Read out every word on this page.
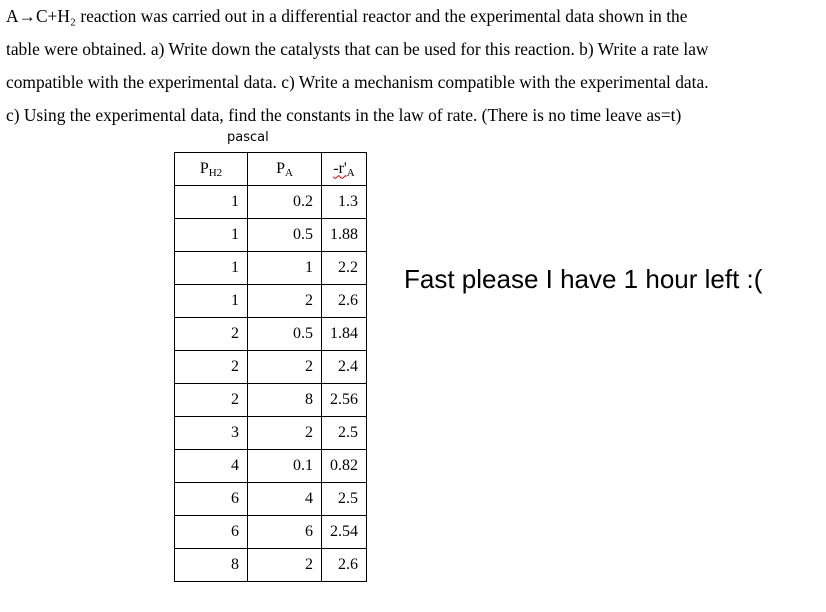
A→C+H₂ reaction was carried out in a differential reactor and the experimental data shown in the
table were obtained. a) Write down the catalysts that can be used for this reaction. b) Write a rate law
compatible with the experimental data. c) Write a mechanism compatible with the experimental data.
c) Using the experimental data, find the constants in the law of rate. (There is no time leave as=t)
pascal
$P_{H2}$	$P_A$	$-r'_A$
1	0.2	1.3
1	0.5	1.88
1	1	2.2
1	2	2.6
2	0.5	1.84
2	2	2.4
2	8	2.56
3	2	2.5
4	0.1	0.82
6	4	2.5
6	6	2.54
8	2	2.6
Fast please I have 1 hour left :(
